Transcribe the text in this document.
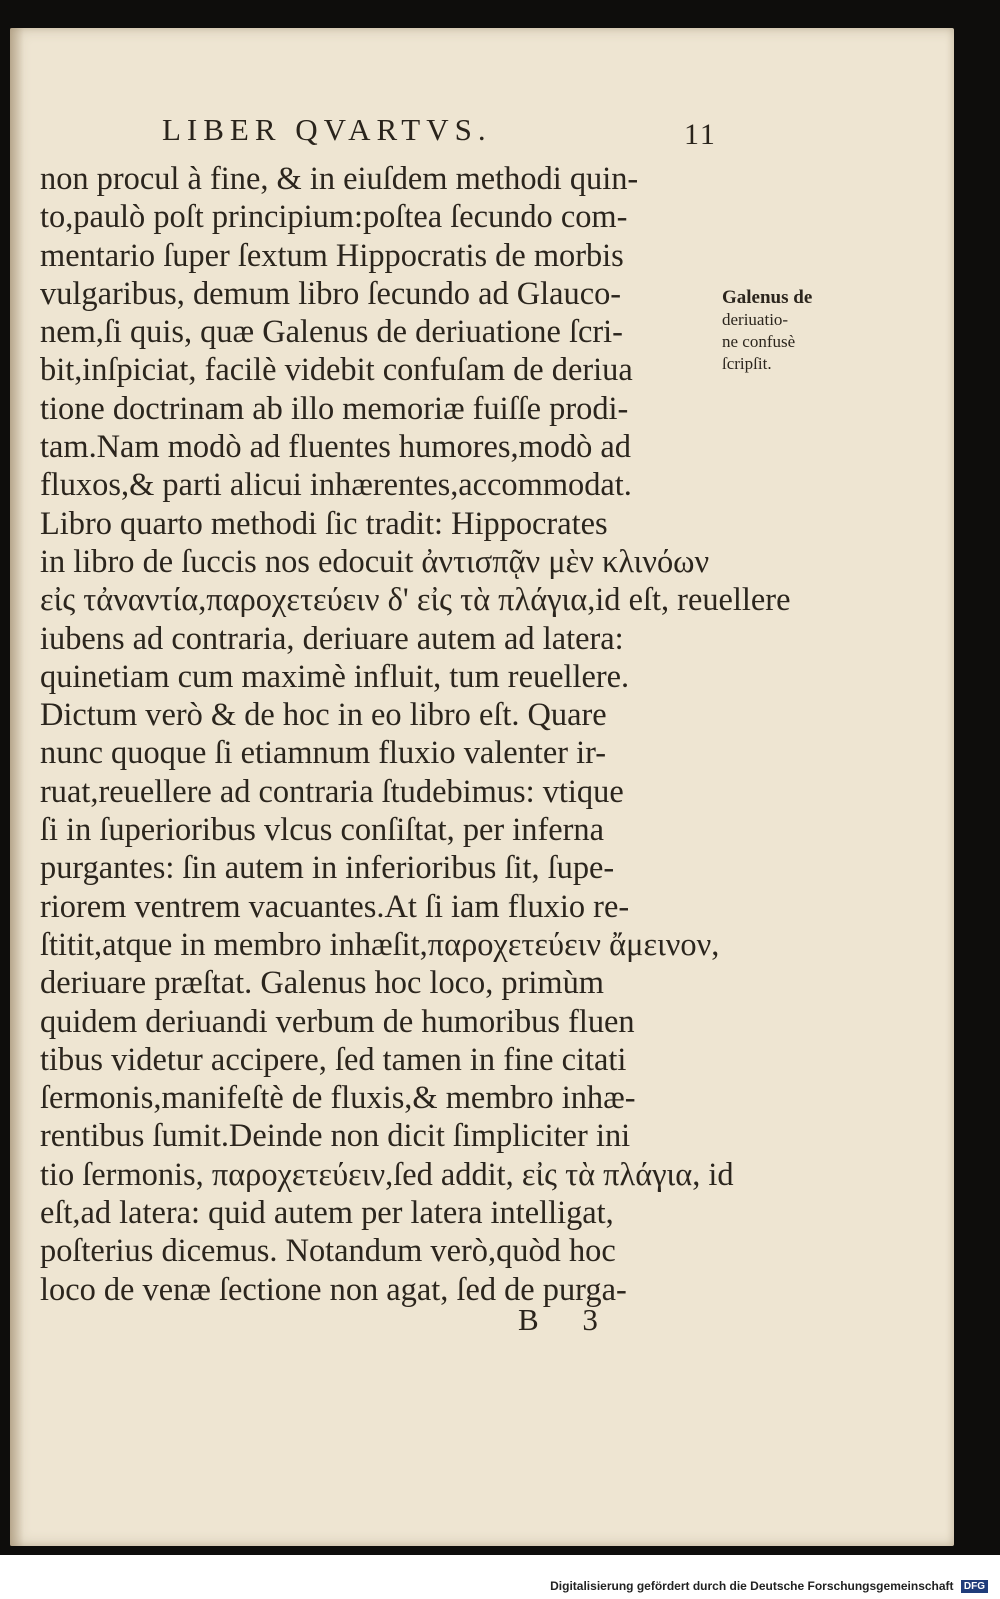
LIBER QVARTVS.	11
non procul à fine, & in eiuſdem methodi quin-
to,paulò poſt principium:poſtea ſecundo com-
mentario ſuper ſextum Hippocratis de morbis
vulgaribus, demum libro ſecundo ad Glauco-
nem,ſi quis, quæ Galenus de deriuatione ſcri-
bit,inſpiciat, facilè videbit confuſam de deriua
tione doctrinam ab illo memoriæ fuiſſe prodi-
tam.Nam modò ad fluentes humores,modò ad
fluxos,& parti alicui inhærentes,accommodat.
Libro quarto methodi ſic tradit: Hippocrates
in libro de ſuccis nos edocuit ἀντισπᾷν μὲν κλινόων
εἰς τἀναντία,παροχετεύειν δ' εἰς τὰ πλάγια,id eſt, reuellere
iubens ad contraria, deriuare autem ad latera:
quinetiam cum maximè influit, tum reuellere.
Dictum verò & de hoc in eo libro eſt. Quare
nunc quoque ſi etiamnum fluxio valenter ir-
ruat,reuellere ad contraria ſtudebimus: vtique
ſi in ſuperioribus vlcus conſiſtat, per inferna
purgantes: ſin autem in inferioribus ſit, ſupe-
riorem ventrem vacuantes.At ſi iam fluxio re-
ſtitit,atque in membro inhæſit,παροχετεύειν ἄμεινον,
deriuare præſtat. Galenus hoc loco, primùm
quidem deriuandi verbum de humoribus fluen
tibus videtur accipere, ſed tamen in fine citati
ſermonis,manifeſtè de fluxis,& membro inhæ-
rentibus ſumit.Deinde non dicit ſimpliciter ini
tio ſermonis, παροχετεύειν,ſed addit, εἰς τὰ πλάγια, id
eſt,ad latera: quid autem per latera intelligat,
poſterius dicemus. Notandum verò,quòd hoc
loco de venæ ſectione non agat, ſed de purga-
Galenus de
deriuatio-
ne confusè
ſcripſit.
B 3
Digitalisierung gefördert durch die Deutsche Forschungsgemeinschaft DFG
